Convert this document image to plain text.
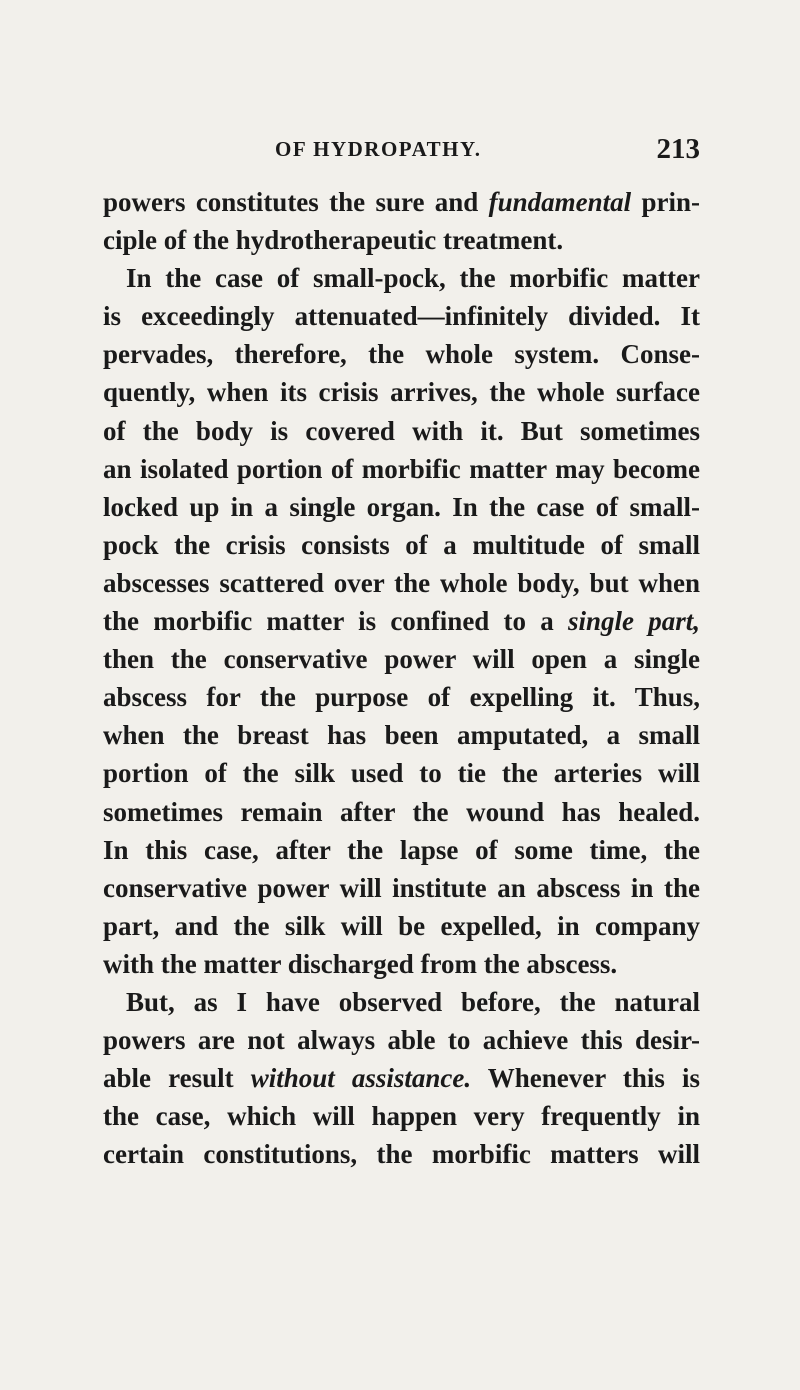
OF HYDROPATHY.	213
powers constitutes the sure and fundamental prin-
ciple of the hydrotherapeutic treatment.
In the case of small-pock, the morbific matter
is exceedingly attenuated—infinitely divided. It
pervades, therefore, the whole system. Conse-
quently, when its crisis arrives, the whole surface
of the body is covered with it. But sometimes
an isolated portion of morbific matter may become
locked up in a single organ. In the case of small-
pock the crisis consists of a multitude of small
abscesses scattered over the whole body, but when
the morbific matter is confined to a single part,
then the conservative power will open a single
abscess for the purpose of expelling it. Thus,
when the breast has been amputated, a small
portion of the silk used to tie the arteries will
sometimes remain after the wound has healed.
In this case, after the lapse of some time, the
conservative power will institute an abscess in the
part, and the silk will be expelled, in company
with the matter discharged from the abscess.
But, as I have observed before, the natural
powers are not always able to achieve this desir-
able result without assistance. Whenever this is
the case, which will happen very frequently in
certain constitutions, the morbific matters will
